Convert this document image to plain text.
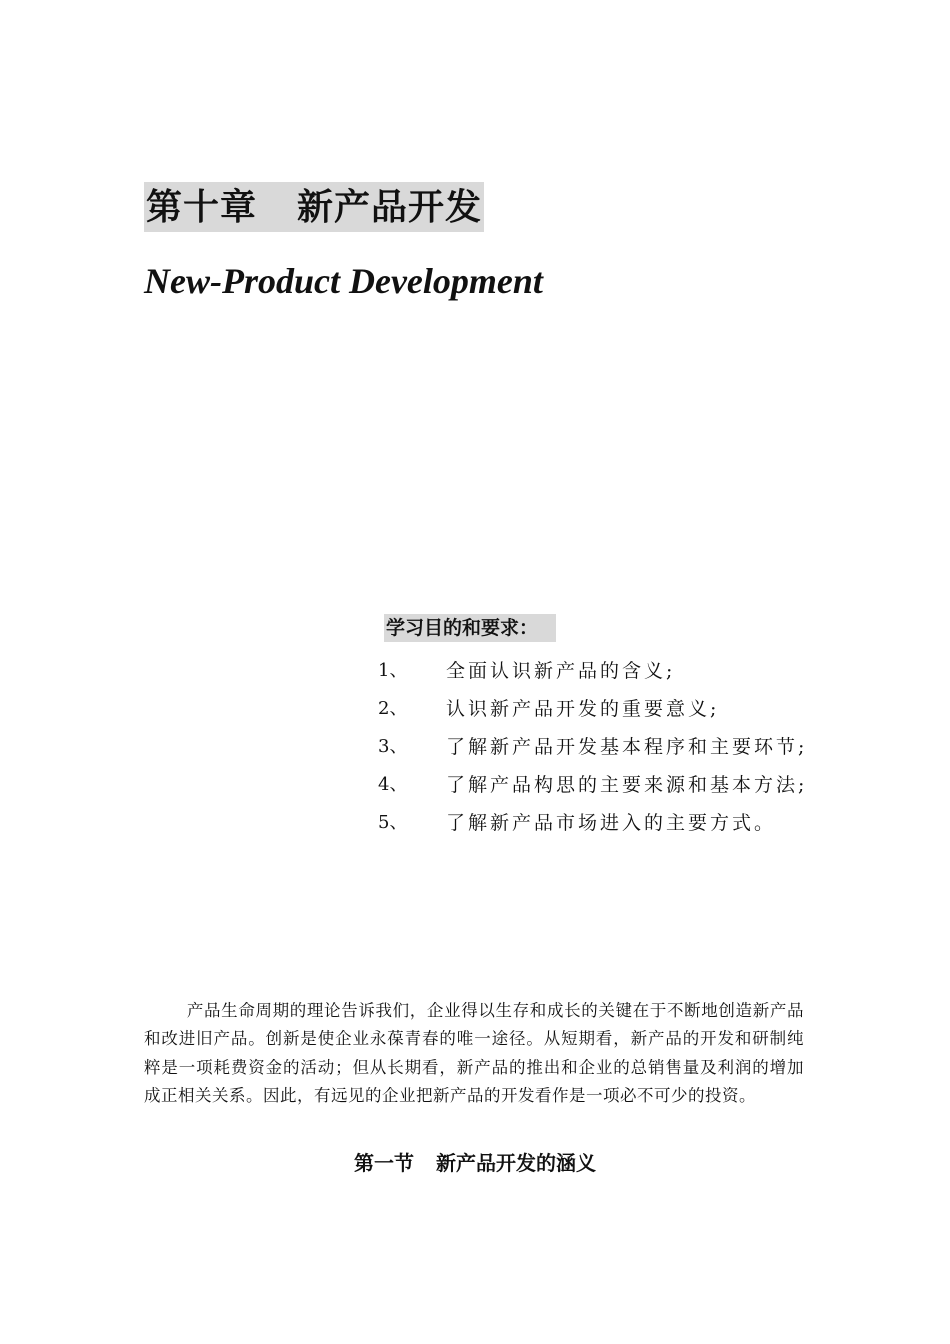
第十章 新产品开发
New-Product Development
学习目的和要求：
1、	全面认识新产品的含义;
2、	认识新产品开发的重要意义;
3、	了解新产品开发基本程序和主要环节;
4、	了解产品构思的主要来源和基本方法;
5、	了解新产品市场进入的主要方式。

产品生命周期的理论告诉我们，企业得以生存和成长的关键在于不断地创造新产品和改进旧产品。创新是使企业永葆青春的唯一途径。从短期看，新产品的开发和研制纯粹是一项耗费资金的活动；但从长期看，新产品的推出和企业的总销售量及利润的增加成正相关关系。因此，有远见的企业把新产品的开发看作是一项必不可少的投资。

第一节 新产品开发的涵义
